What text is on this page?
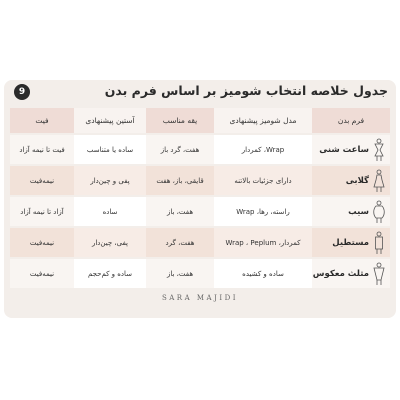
9	جدول خلاصه انتخاب شومیز بر اساس فرم بدن
فرم بدن	مدل شومیز پیشنهادی	یقه مناسب	آستین پیشنهادی	فیت

ساعت شنی	Wrap، کمردار	هفت، گرد باز	ساده یا متناسب	فیت تا نیمه آزاد

گلابی	دارای جزئیات بالاتنه	قایقی، باز، هفت	پفی و چین‌دار	نیمه‌فیت

سیب	راسته، رها، Wrap	هفت، باز	ساده	آزاد تا نیمه آزاد

مستطیل	کمردار، Wrap ، Peplum	هفت، گرد	پفی، چین‌دار	نیمه‌فیت

مثلث معکوس	ساده و کشیده	هفت، باز	ساده و کم‌حجم	نیمه‌فیت
SARA MAJIDI
